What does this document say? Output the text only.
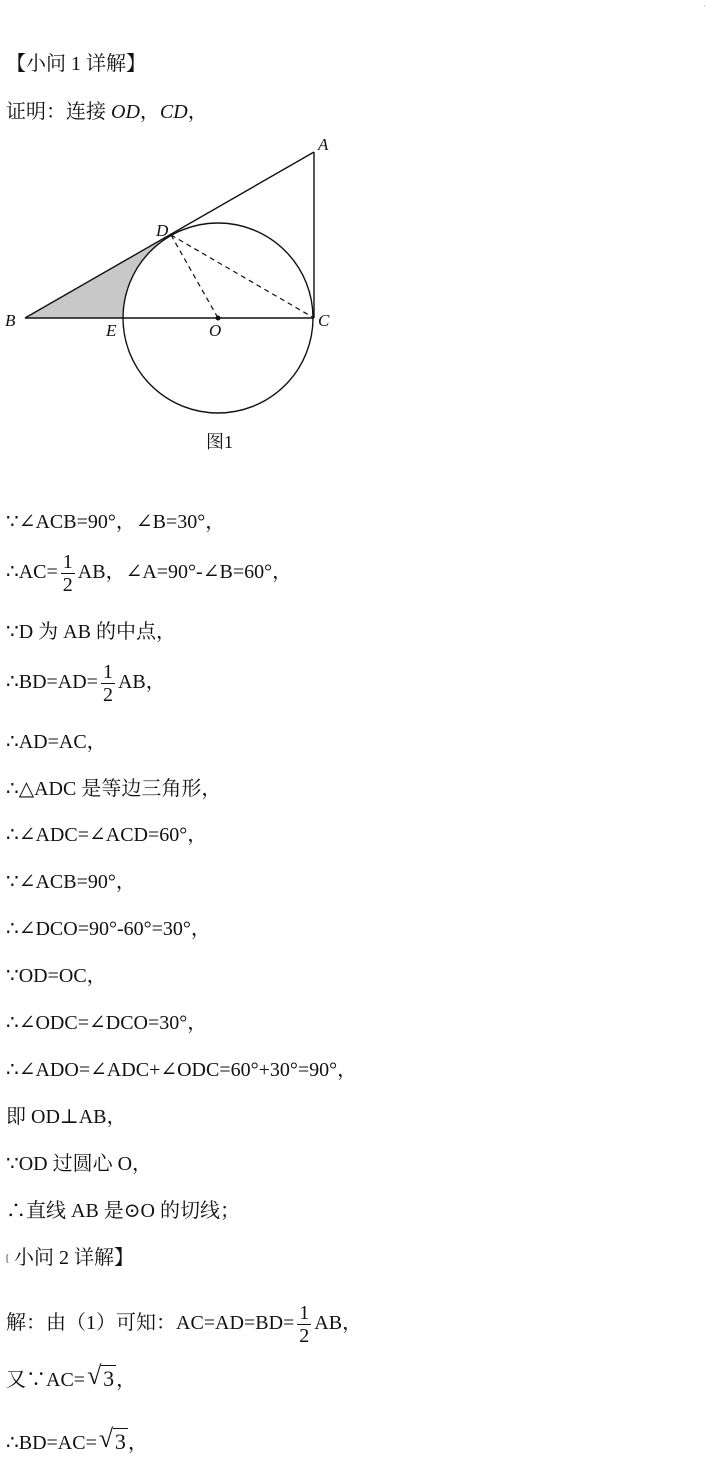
·
【小问 1 详解】
证明：连接 OD，CD，
A
B	C
D
E	O
图1
∵∠ACB=90°，∠B=30°，
∴AC= $\frac{1}{2}$ AB，∠A=90°-∠B=60°，
∵D 为 AB 的中点，
∴BD=AD= $\frac{1}{2}$ AB，
∴AD=AC，
∴△ADC 是等边三角形，
∴∠ADC=∠ACD=60°，
∵∠ACB=90°，
∴∠DCO=90°-60°=30°，
∵OD=OC，
∴∠ODC=∠DCO=30°，
∴∠ADO=∠ADC+∠ODC=60°+30°=90°，
即 OD⊥AB，
∵OD 过圆心 O，
∴直线 AB 是⊙O 的切线；
[ 小问 2 详解】
解：由（1）可知：$AC=AD=BD= \frac{1}{2}$ AB，
又∵AC= √ 3 ，
∴BD=AC= √ 3 ，
